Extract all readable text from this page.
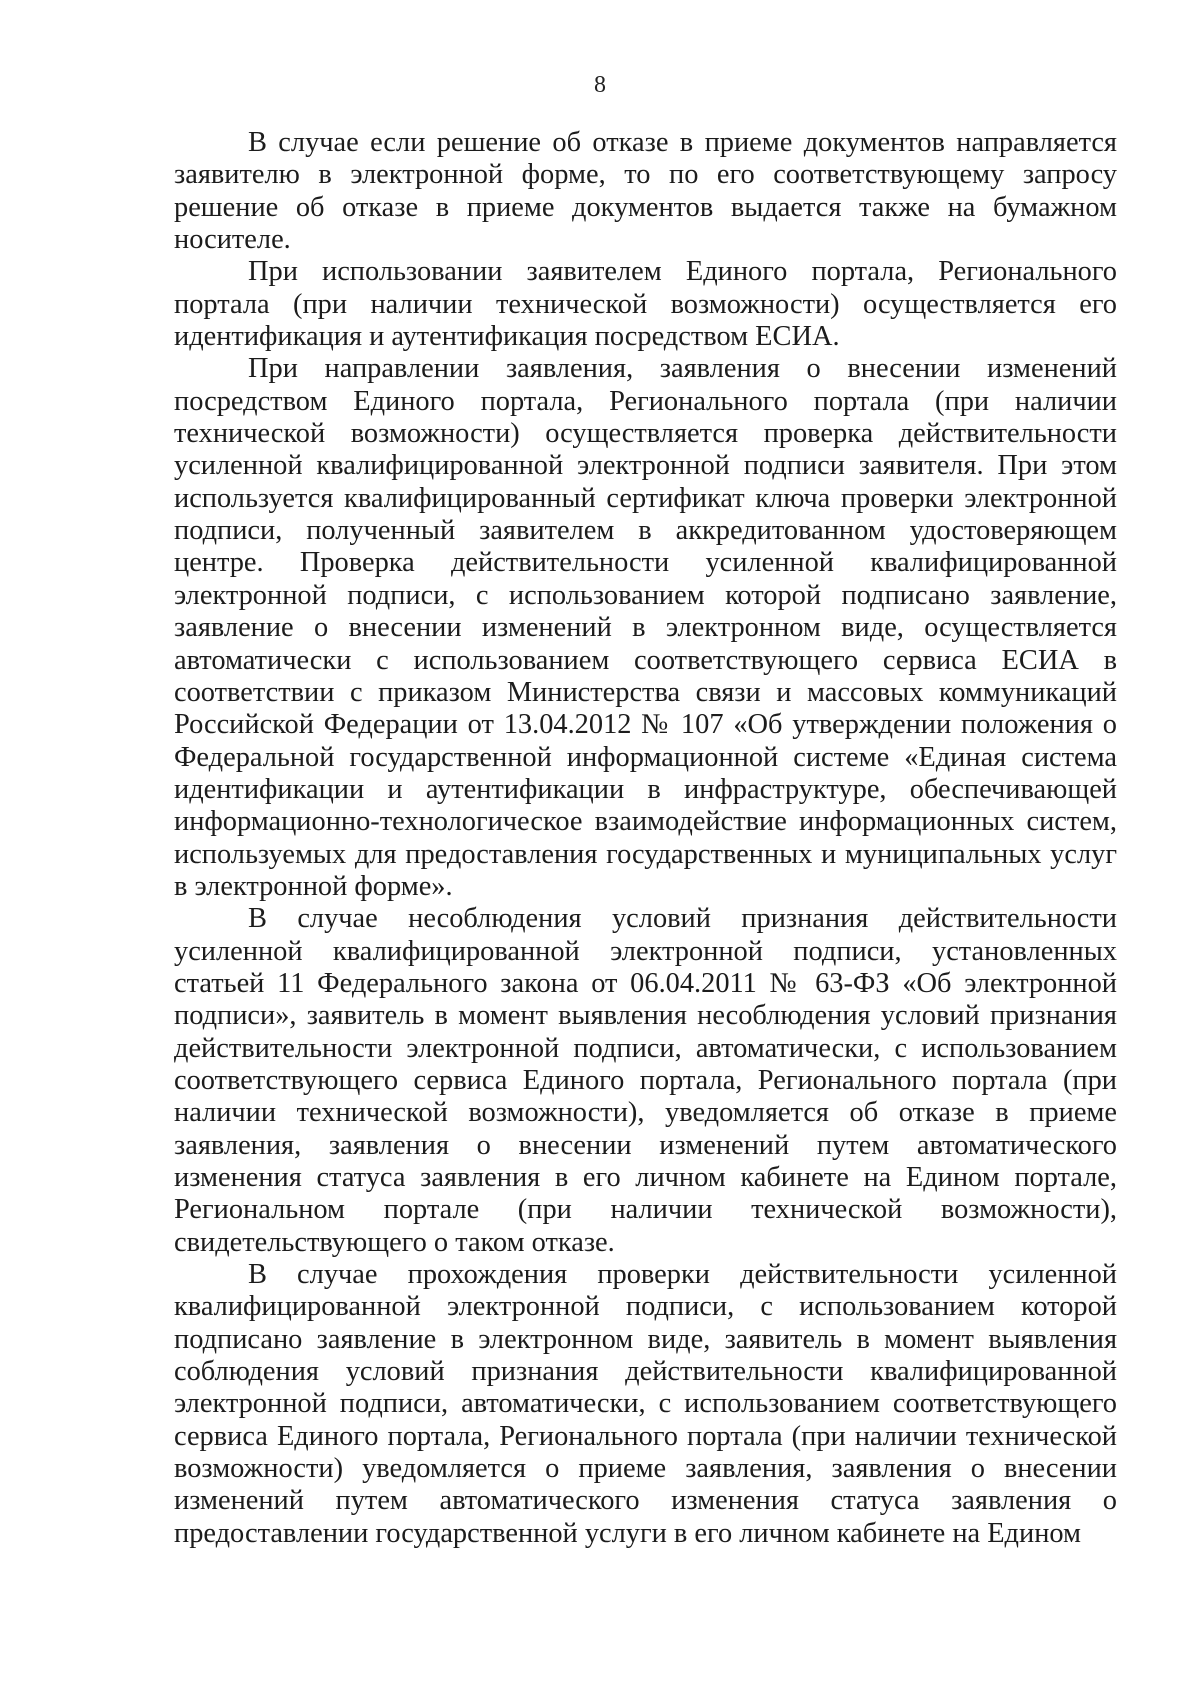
8

В случае если решение об отказе в приеме документов направляется заявителю в электронной форме, то по его соответствующему запросу решение об отказе в приеме документов выдается также на бумажном носителе.

При использовании заявителем Единого портала, Регионального портала (при наличии технической возможности) осуществляется его идентификация и аутентификация посредством ЕСИА.

При направлении заявления, заявления о внесении изменений посредством Единого портала, Регионального портала (при наличии технической возможности) осуществляется проверка действительности усиленной квалифицированной электронной подписи заявителя. При этом используется квалифицированный сертификат ключа проверки электронной подписи, полученный заявителем в аккредитованном удостоверяющем центре. Проверка действительности усиленной квалифицированной электронной подписи, с использованием которой подписано заявление, заявление о внесении изменений в электронном виде, осуществляется автоматически с использованием соответствующего сервиса ЕСИА в соответствии с приказом Министерства связи и массовых коммуникаций Российской Федерации от 13.04.2012 № 107 «Об утверждении положения о Федеральной государственной информационной системе «Единая система идентификации и аутентификации в инфраструктуре, обеспечивающей информационно-технологическое взаимодействие информационных систем, используемых для предоставления государственных и муниципальных услуг в электронной форме».

В случае несоблюдения условий признания действительности усиленной квалифицированной электронной подписи, установленных статьей 11 Федерального закона от 06.04.2011 № 63-ФЗ «Об электронной подписи», заявитель в момент выявления несоблюдения условий признания действительности электронной подписи, автоматически, с использованием соответствующего сервиса Единого портала, Регионального портала (при наличии технической возможности), уведомляется об отказе в приеме заявления, заявления о внесении изменений путем автоматического изменения статуса заявления в его личном кабинете на Едином портале, Региональном портале (при наличии технической возможности), свидетельствующего о таком отказе.

В случае прохождения проверки действительности усиленной квалифицированной электронной подписи, с использованием которой подписано заявление в электронном виде, заявитель в момент выявления соблюдения условий признания действительности квалифицированной электронной подписи, автоматически, с использованием соответствующего сервиса Единого портала, Регионального портала (при наличии технической возможности) уведомляется о приеме заявления, заявления о внесении изменений путем автоматического изменения статуса заявления о предоставлении государственной услуги в его личном кабинете на Едином
